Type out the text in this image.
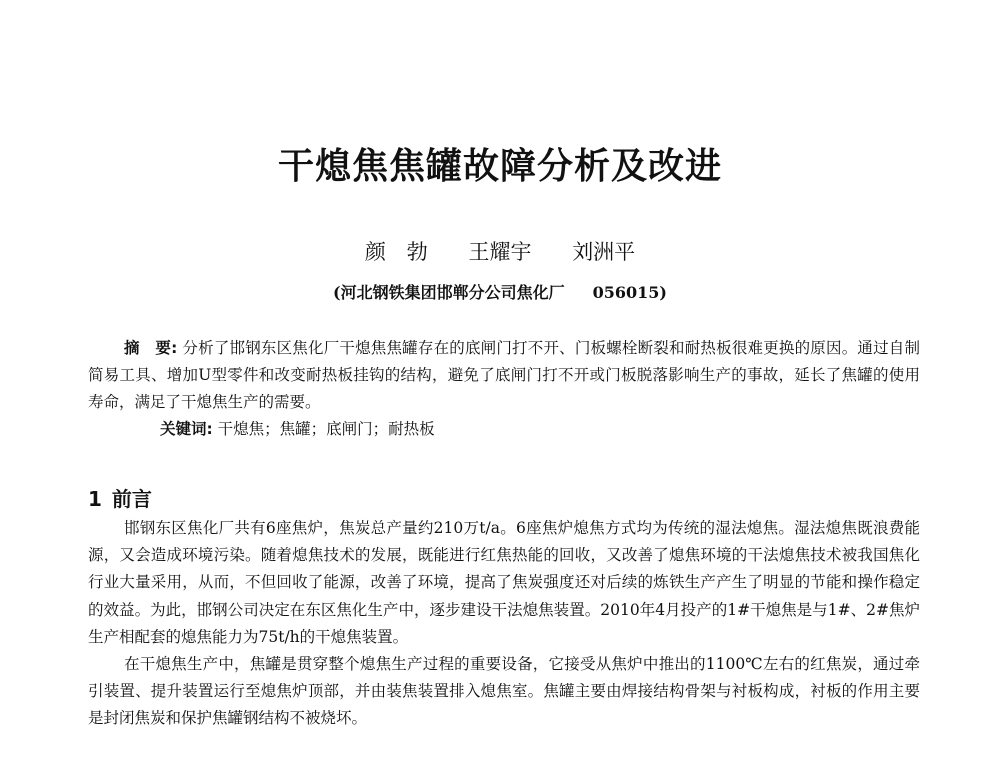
干熄焦焦罐故障分析及改进
颜　勃 王耀宇 刘洲平
(河北钢铁集团邯郸分公司焦化厂 056015)

摘　要: 分析了邯钢东区焦化厂干熄焦焦罐存在的底闸门打不开、门板螺栓断裂和耐热板很难更换的原因。通过自制简易工具、增加U型零件和改变耐热板挂钩的结构，避免了底闸门打不开或门板脱落影响生产的事故，延长了焦罐的使用寿命，满足了干熄焦生产的需要。

关键词: 干熄焦；焦罐；底闸门；耐热板

1 前言

邯钢东区焦化厂共有6座焦炉，焦炭总产量约210万t/a。6座焦炉熄焦方式均为传统的湿法熄焦。湿法熄焦既浪费能源，又会造成环境污染。随着熄焦技术的发展，既能进行红焦热能的回收，又改善了熄焦环境的干法熄焦技术被我国焦化行业大量采用，从而，不但回收了能源，改善了环境，提高了焦炭强度还对后续的炼铁生产产生了明显的节能和操作稳定的效益。为此，邯钢公司决定在东区焦化生产中，逐步建设干法熄焦装置。2010年4月投产的1#干熄焦是与1#、2#焦炉生产相配套的熄焦能力为75t/h的干熄焦装置。

在干熄焦生产中，焦罐是贯穿整个熄焦生产过程的重要设备，它接受从焦炉中推出的1100℃左右的红焦炭，通过牵引装置、提升装置运行至熄焦炉顶部，并由装焦装置排入熄焦室。焦罐主要由焊接结构骨架与衬板构成，衬板的作用主要是封闭焦炭和保护焦罐钢结构不被烧坏。
